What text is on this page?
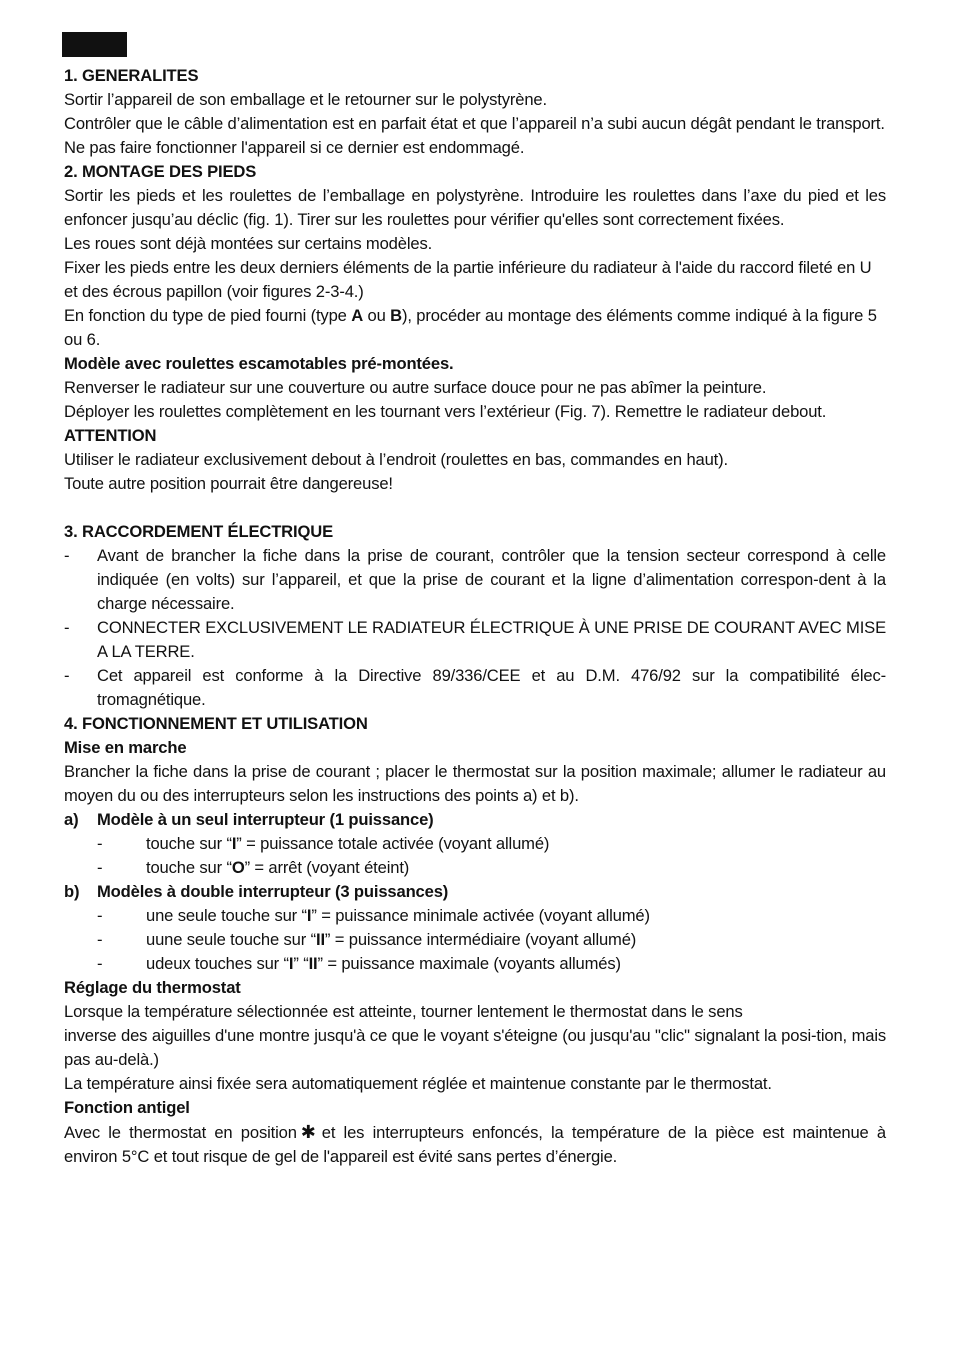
1. GENERALITES

Sortir l’appareil de son emballage et le retourner sur le polystyrène.

Contrôler que le câble d’alimentation est en parfait état et que l’appareil n’a subi aucun dégât pendant le transport.

Ne pas faire fonctionner l'appareil si ce dernier est endommagé.

2. MONTAGE DES PIEDS

Sortir les pieds et les roulettes de l’emballage en polystyrène. Introduire les roulettes dans l’axe du pied et les enfoncer jusqu’au déclic (fig. 1). Tirer sur les roulettes pour vérifier qu'elles sont correctement fixées.

Les roues sont déjà montées sur certains modèles.

Fixer les pieds entre les deux derniers éléments de la partie inférieure du radiateur à l'aide du raccord fileté en U et des écrous papillon (voir figures 2-3-4.)

En fonction du type de pied fourni (type A ou B), procéder au montage des éléments comme indiqué à la figure 5 ou 6.

Modèle avec roulettes escamotables pré-montées.

Renverser le radiateur sur une couverture ou autre surface douce pour ne pas abîmer la peinture.

Déployer les roulettes complètement en les tournant vers l’extérieur (Fig. 7). Remettre le radiateur debout.

ATTENTION

Utiliser le radiateur exclusivement debout à l’endroit (roulettes en bas, commandes en haut).

Toute autre position pourrait être dangereuse!

3. RACCORDEMENT ÉLECTRIQUE

- Avant de brancher la fiche dans la prise de courant, contrôler que la tension secteur correspond à celle indiquée (en volts) sur l’appareil, et que la prise de courant et la ligne d’alimentation correspon-dent à la charge nécessaire.

- CONNECTER EXCLUSIVEMENT LE RADIATEUR ÉLECTRIQUE À UNE PRISE DE COURANT AVEC MISE A LA TERRE.

- Cet appareil est conforme à la Directive 89/336/CEE et au D.M. 476/92 sur la compatibilité élec-tromagnétique.

4. FONCTIONNEMENT ET UTILISATION

Mise en marche

Brancher la fiche dans la prise de courant ; placer le thermostat sur la position maximale; allumer le radiateur au moyen du ou des interrupteurs selon les instructions des points a) et b).

a) Modèle à un seul interrupteur (1 puissance)

-	touche sur “I” = puissance totale activée (voyant allumé)

-	touche sur “O” = arrêt (voyant éteint)

b) Modèles à double interrupteur (3 puissances)

-	une seule touche sur “I” = puissance minimale activée (voyant allumé)

-	uune seule touche sur “II” = puissance intermédiaire (voyant allumé)

-	udeux touches sur “I” “II” = puissance maximale (voyants allumés)

Réglage du thermostat

Lorsque la température sélectionnée est atteinte, tourner lentement le thermostat dans le sens

inverse des aiguilles d'une montre jusqu'à ce que le voyant s'éteigne (ou jusqu'au "clic" signalant la posi-tion, mais pas au-delà.)

La température ainsi fixée sera automatiquement réglée et maintenue constante par le thermostat.

Fonction antigel

Avec le thermostat en position ✱ et les interrupteurs enfoncés, la température de la pièce est maintenue à environ 5°C et tout risque de gel de l'appareil est évité sans pertes d’énergie.
